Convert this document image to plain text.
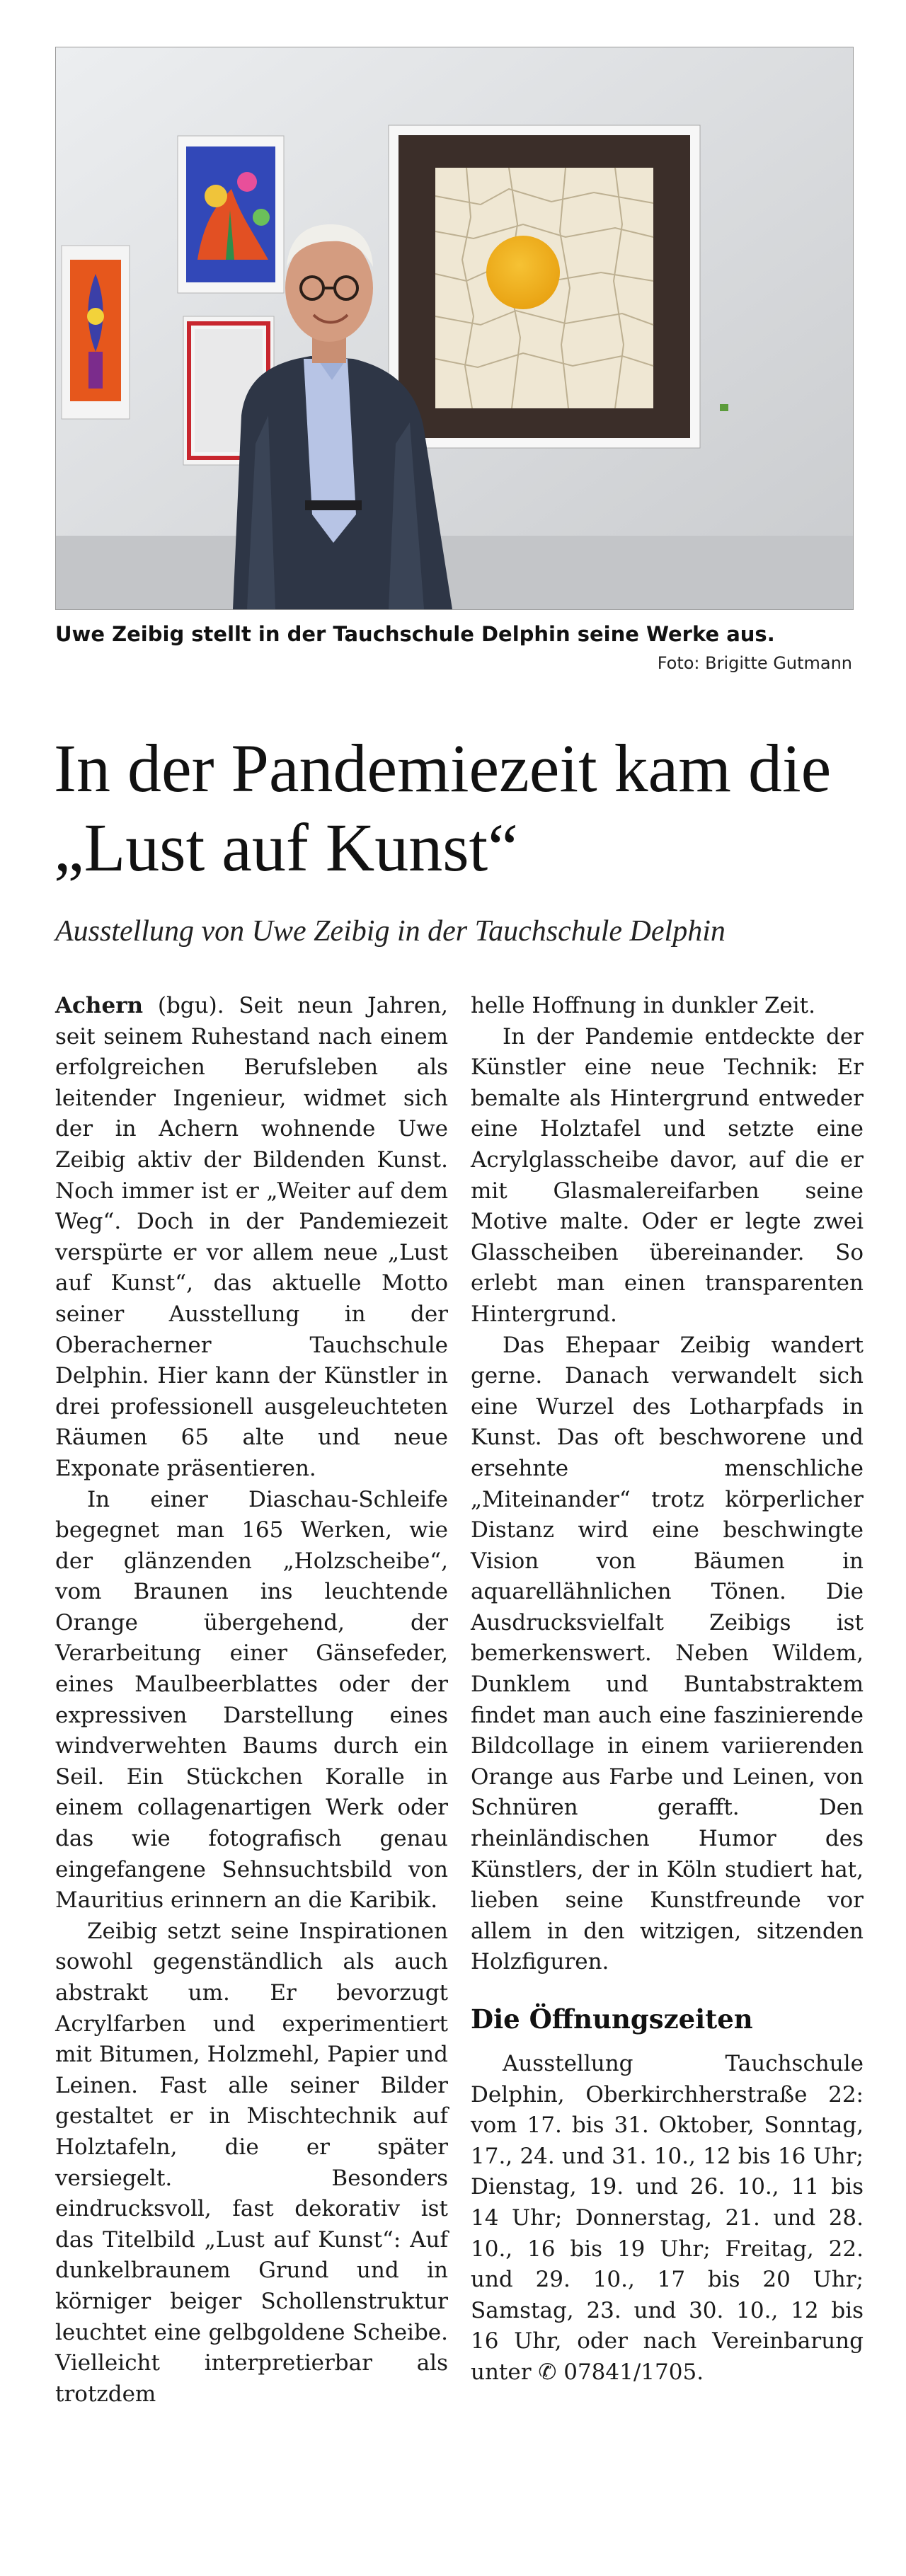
Uwe Zeibig stellt in der Tauchschule Delphin seine Werke aus.
Foto: Brigitte Gutmann
In der Pandemiezeit kam die „Lust auf Kunst“
Ausstellung von Uwe Zeibig in der Tauchschule Delphin

Achern (bgu). Seit neun Jahren, seit seinem Ruhestand nach einem erfolgreichen Berufsleben als leitender Ingenieur, widmet sich der in Achern wohnende Uwe Zeibig aktiv der Bildenden Kunst. Noch immer ist er „Weiter auf dem Weg“. Doch in der Pandemiezeit verspürte er vor allem neue „Lust auf Kunst“, das aktuelle Motto seiner Ausstellung in der Oberacherner Tauchschule Delphin. Hier kann der Künstler in drei professionell ausgeleuchteten Räumen 65 alte und neue Exponate präsentieren.

In einer Diaschau-Schleife begegnet man 165 Werken, wie der glänzenden „Holzscheibe“, vom Braunen ins leuchtende Orange übergehend, der Verarbeitung einer Gänsefeder, eines Maulbeerblattes oder der expressiven Darstellung eines windverwehten Baums durch ein Seil. Ein Stückchen Koralle in einem collagenartigen Werk oder das wie fotografisch genau eingefangene Sehnsuchtsbild von Mauritius erinnern an die Karibik.

Zeibig setzt seine Inspirationen sowohl gegenständlich als auch abstrakt um. Er bevorzugt Acrylfarben und experimentiert mit Bitumen, Holzmehl, Papier und Leinen. Fast alle seiner Bilder gestaltet er in Mischtechnik auf Holztafeln, die er später versiegelt. Besonders eindrucksvoll, fast dekorativ ist das Titelbild „Lust auf Kunst“: Auf dunkelbraunem Grund und in körniger beiger Schollenstruktur leuchtet eine gelbgoldene Scheibe. Vielleicht interpretierbar als trotzdem

helle Hoffnung in dunkler Zeit.

In der Pandemie entdeckte der Künstler eine neue Technik: Er bemalte als Hintergrund entweder eine Holztafel und setzte eine Acrylglasscheibe davor, auf die er mit Glasmalereifarben seine Motive malte. Oder er legte zwei Glasscheiben übereinander. So erlebt man einen transparenten Hintergrund.

Das Ehepaar Zeibig wandert gerne. Danach verwandelt sich eine Wurzel des Lotharpfads in Kunst. Das oft beschworene und ersehnte menschliche „Miteinander“ trotz körperlicher Distanz wird eine beschwingte Vision von Bäumen in aquarellähnlichen Tönen. Die Ausdrucksvielfalt Zeibigs ist bemerkenswert. Neben Wildem, Dunklem und Buntabstraktem findet man auch eine faszinierende Bildcollage in einem variierenden Orange aus Farbe und Leinen, von Schnüren gerafft. Den rheinländischen Humor des Künstlers, der in Köln studiert hat, lieben seine Kunstfreunde vor allem in den witzigen, sitzenden Holzfiguren.

Die Öffnungszeiten

Ausstellung Tauchschule Delphin, Oberkirchherstraße 22: vom 17. bis 31. Oktober, Sonntag, 17., 24. und 31. 10., 12 bis 16 Uhr; Dienstag, 19. und 26. 10., 11 bis 14 Uhr; Donnerstag, 21. und 28. 10., 16 bis 19 Uhr; Freitag, 22. und 29. 10., 17 bis 20 Uhr; Samstag, 23. und 30. 10., 12 bis 16 Uhr, oder nach Vereinbarung unter ✆ 07841/1705.
